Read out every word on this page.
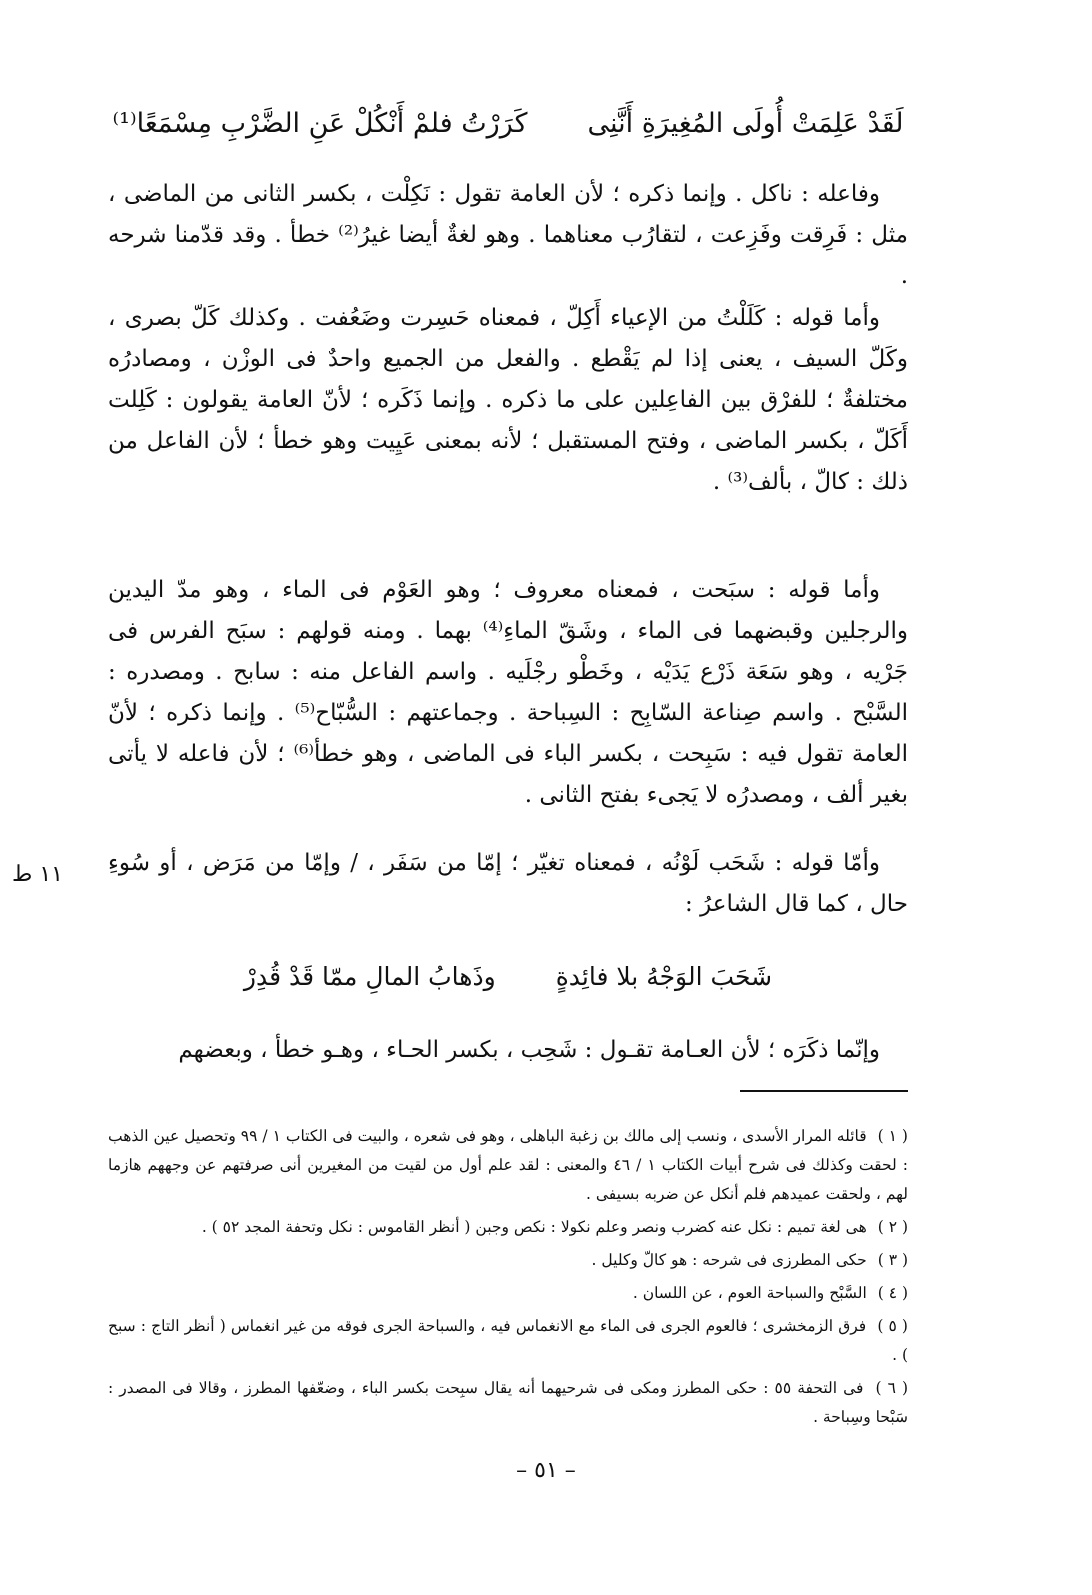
لَقَدْ عَلِمَتْ أُولَى المُغِيرَةِ أَنَّنِى
كَرَرْتُ فلمْ أَنْكُلْ عَنِ الضَّرْبِ مِسْمَعًا⁽¹⁾
وفاعله : ناكل . وإنما ذكره ؛ لأن العامة تقول : نَكِلْت ، بكسر الثانى من الماضى ، مثل : فَرِقت وفَزِعت ، لتقارُب معناهما . وهو لغةٌ أيضا غيرُ⁽²⁾ خطأ . وقد قدّمنا شرحه .
وأما قوله : كَلَلْتُ من الإعياء أَكِلّ ، فمعناه حَسِرت وضَعُفت . وكذلك كَلّ بصرى ، وكَلّ السيف ، يعنى إذا لم يَقْطع . والفعل من الجميع واحدٌ فى الوزْن ، ومصادرُه مختلفةٌ ؛ للفرْق بين الفاعِلين على ما ذكره . وإنما ذَكَره ؛ لأنّ العامة يقولون : كَلِلت أَكَلّ ، بكسر الماضى ، وفتح المستقبل ؛ لأنه بمعنى عَيِيت وهو خطأ ؛ لأن الفاعل من ذلك : كالّ ، بألف⁽³⁾ .
وأما قوله : سبَحت ، فمعناه معروف ؛ وهو العَوْم فى الماء ، وهو مدّ اليدين والرجلين وقبضهما فى الماء ، وشَقّ الماءِ⁽⁴⁾ بهما . ومنه قولهم : سبَح الفرس فى جَرْيه ، وهو سَعَة ذَرْع يَدَيْه ، وخَطْو رجْلَيه . واسم الفاعل منه : سابح . ومصدره : السَّبْح . واسم صِناعة السّابِح : السِباحة . وجماعتهم : السُّبّاح⁽⁵⁾ . وإنما ذكره ؛ لأنّ العامة تقول فيه : سَبِحت ، بكسر الباء فى الماضى ، وهو خطأ⁽⁶⁾ ؛ لأن فاعله لا يأتى بغير ألف ، ومصدرُه لا يَجىء بفتح الثانى .
وأمّا قوله : شَحَب لَوْنُه ، فمعناه تغيّر ؛ إمّا من سَفَر ، / وإمّا من مَرَض ، أو سُوءِ حال ، كما قال الشاعرُ :
١١ ط
شَحَبَ الوَجْهُ بلا فائِدةٍ
وذَهابُ المالِ ممّا قَدْ قُدِرْ
وإنّما ذكَرَه ؛ لأن العـامة تقـول : شَحِب ، بكسر الحـاء ، وهـو خطأ ، وبعضهم
( ١ ) قائله المرار الأسدى ، ونسب إلى مالك بن زغبة الباهلى ، وهو فى شعره ، والبيت فى الكتاب ١ / ٩٩ وتحصيل عين الذهب : لحقت وكذلك فى شرح أبيات الكتاب ١ / ٤٦ والمعنى : لقد علم أول من لقيت من المغيرين أنى صرفتهم عن وجههم هازما لهم ، ولحقت عميدهم فلم أنكل عن ضربه بسيفى .
( ٢ ) هى لغة تميم : نكل عنه كضرب ونصر وعلم نكولا : نكص وجبن ( أنظر القاموس : نكل وتحفة المجد ٥٢ ) .
( ٣ ) حكى المطرزى فى شرحه : هو كالّ وكليل .
( ٤ ) السَّبْح والسباحة العوم ، عن اللسان .
( ٥ ) فرق الزمخشرى ؛ فالعوم الجرى فى الماء مع الانغماس فيه ، والسباحة الجرى فوقه من غير انغماس ( أنظر التاج : سبح ) .
( ٦ ) فى التحفة ٥٥ : حكى المطرز ومكى فى شرحيهما أنه يقال سبِحت بكسر الباء ، وضعّفها المطرز ، وقالا فى المصدر : سَبْحا وسِباحة .
– ٥١ –
